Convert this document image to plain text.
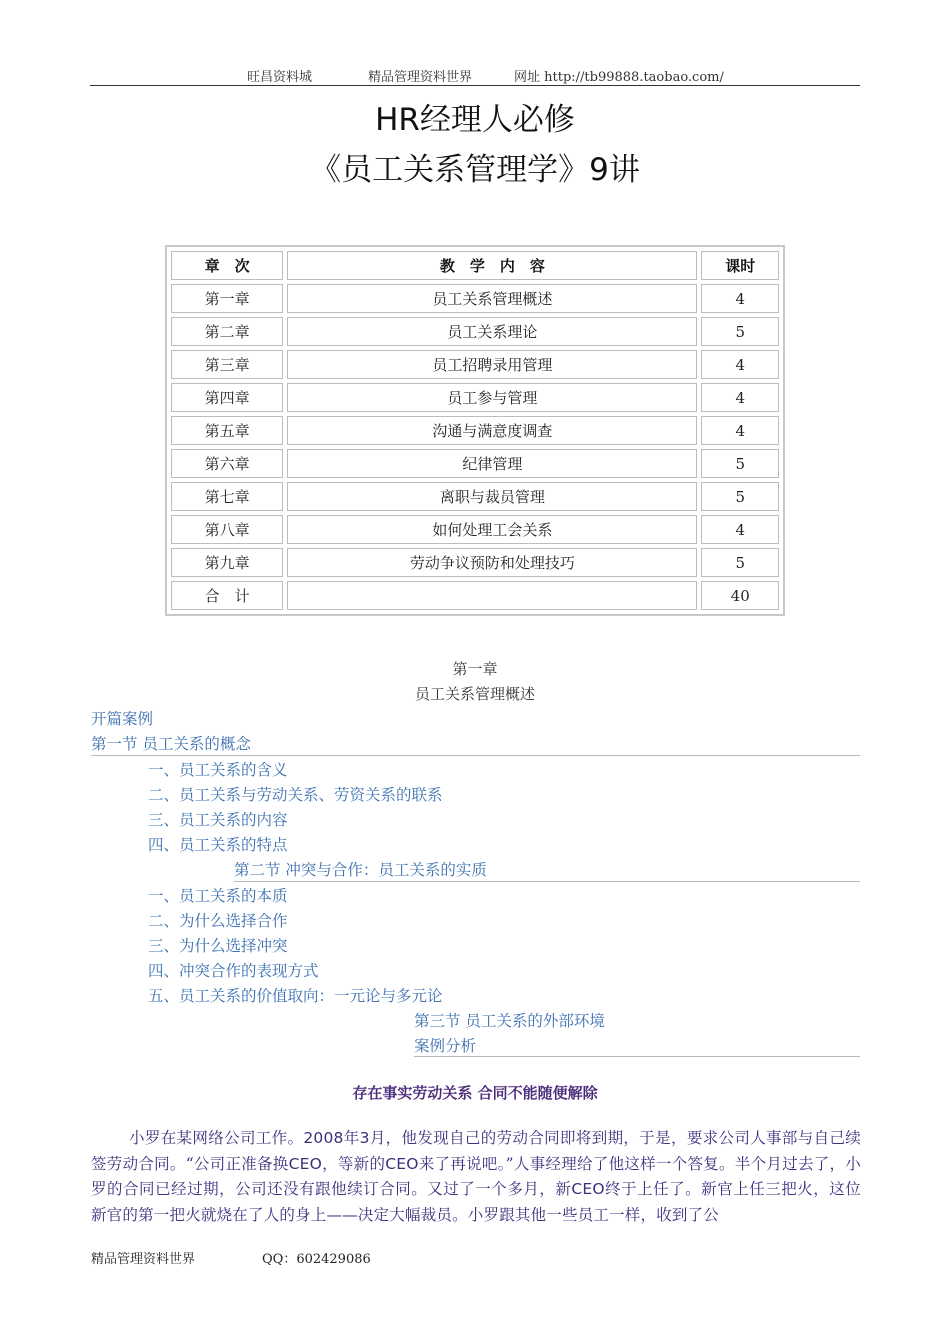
旺昌资料城	精品管理资料世界	网址 http://tb99888.taobao.com/
HR经理人必修
《员工关系管理学》9讲
章　次	教　学　内　容	课时
第一章	员工关系管理概述	4
第二章	员工关系理论	5
第三章	员工招聘录用管理	4
第四章	员工参与管理	4
第五章	沟通与满意度调查	4
第六章	纪律管理	5
第七章	离职与裁员管理	5
第八章	如何处理工会关系	4
第九章	劳动争议预防和处理技巧	5
合　计		40
第一章
员工关系管理概述
开篇案例
第一节 员工关系的概念
一、员工关系的含义
二、员工关系与劳动关系、劳资关系的联系
三、员工关系的内容
四、员工关系的特点
第二节 冲突与合作：员工关系的实质
一、员工关系的本质
二、为什么选择合作
三、为什么选择冲突
四、冲突合作的表现方式
五、员工关系的价值取向：一元论与多元论
第三节 员工关系的外部环境
案例分析
存在事实劳动关系 合同不能随便解除
小罗在某网络公司工作。2008年3月，他发现自己的劳动合同即将到期，于是，要求公司人事部与自己续签劳动合同。“公司正准备换CEO，等新的CEO来了再说吧。”人事经理给了他这样一个答复。半个月过去了，小罗的合同已经过期，公司还没有跟他续订合同。又过了一个多月，新CEO终于上任了。新官上任三把火，这位新官的第一把火就烧在了人的身上——决定大幅裁员。小罗跟其他一些员工一样，收到了公
精品管理资料世界	QQ：602429086
